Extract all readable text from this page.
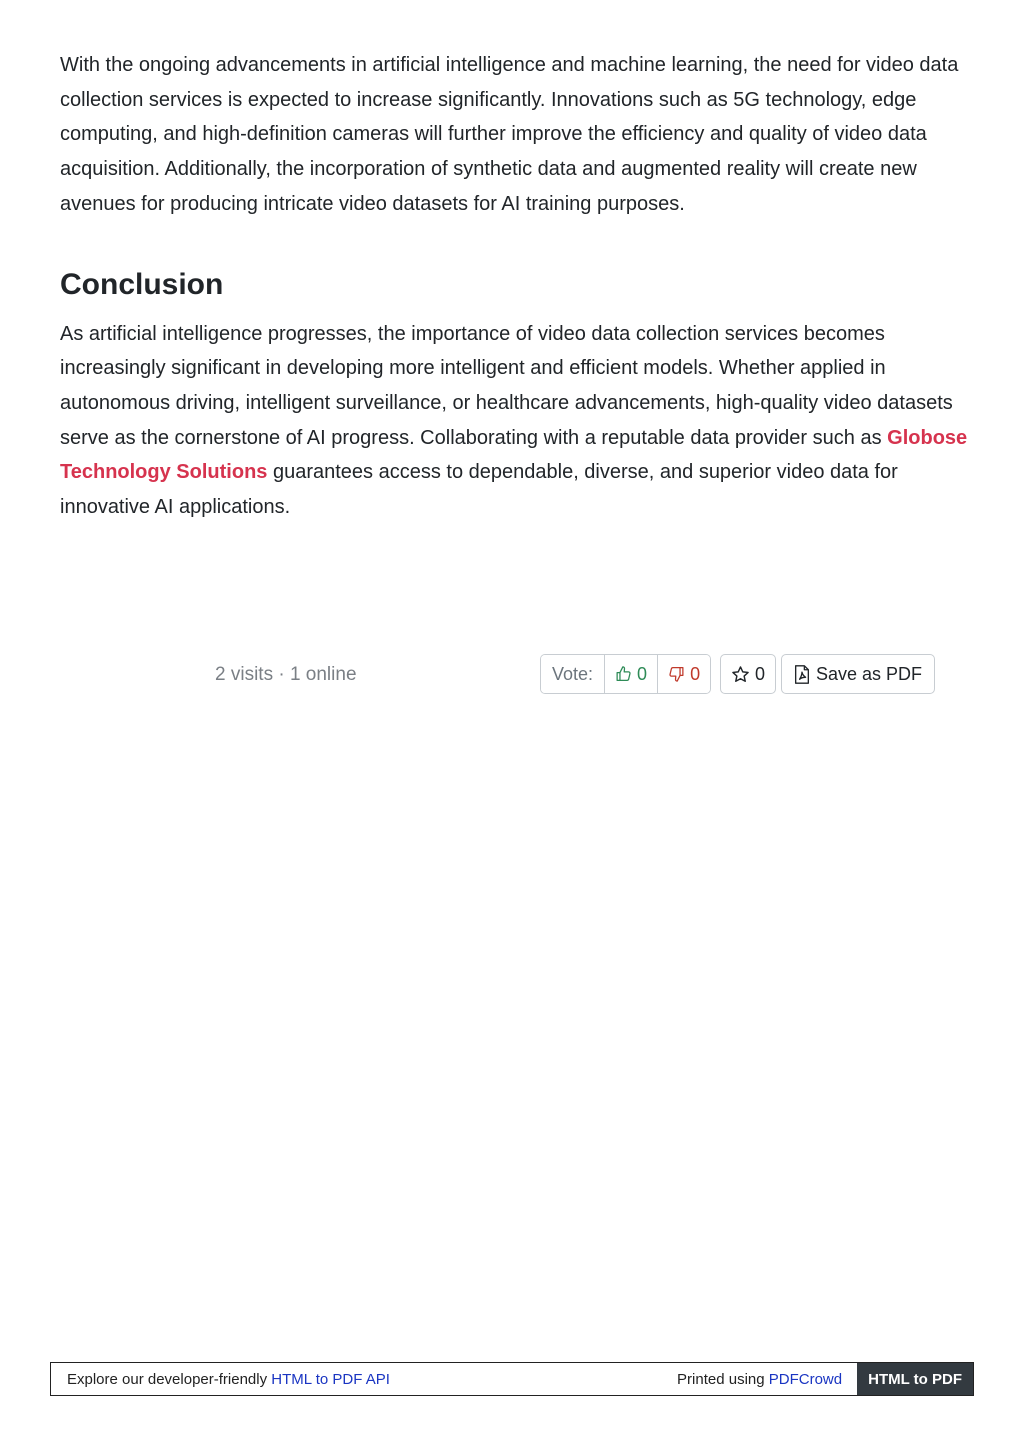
With the ongoing advancements in artificial intelligence and machine learning, the need for video data collection services is expected to increase significantly. Innovations such as 5G technology, edge computing, and high-definition cameras will further improve the efficiency and quality of video data acquisition. Additionally, the incorporation of synthetic data and augmented reality will create new avenues for producing intricate video datasets for AI training purposes.

Conclusion

As artificial intelligence progresses, the importance of video data collection services becomes increasingly significant in developing more intelligent and efficient models. Whether applied in autonomous driving, intelligent surveillance, or healthcare advancements, high-quality video datasets serve as the cornerstone of AI progress. Collaborating with a reputable data provider such as Globose Technology Solutions guarantees access to dependable, diverse, and superior video data for innovative AI applications.

2 visits · 1 online	Vote:	0 0	0	Save as PDF
Explore our developer-friendly HTML to PDF API	Printed using PDFCrowd	HTML to PDF
